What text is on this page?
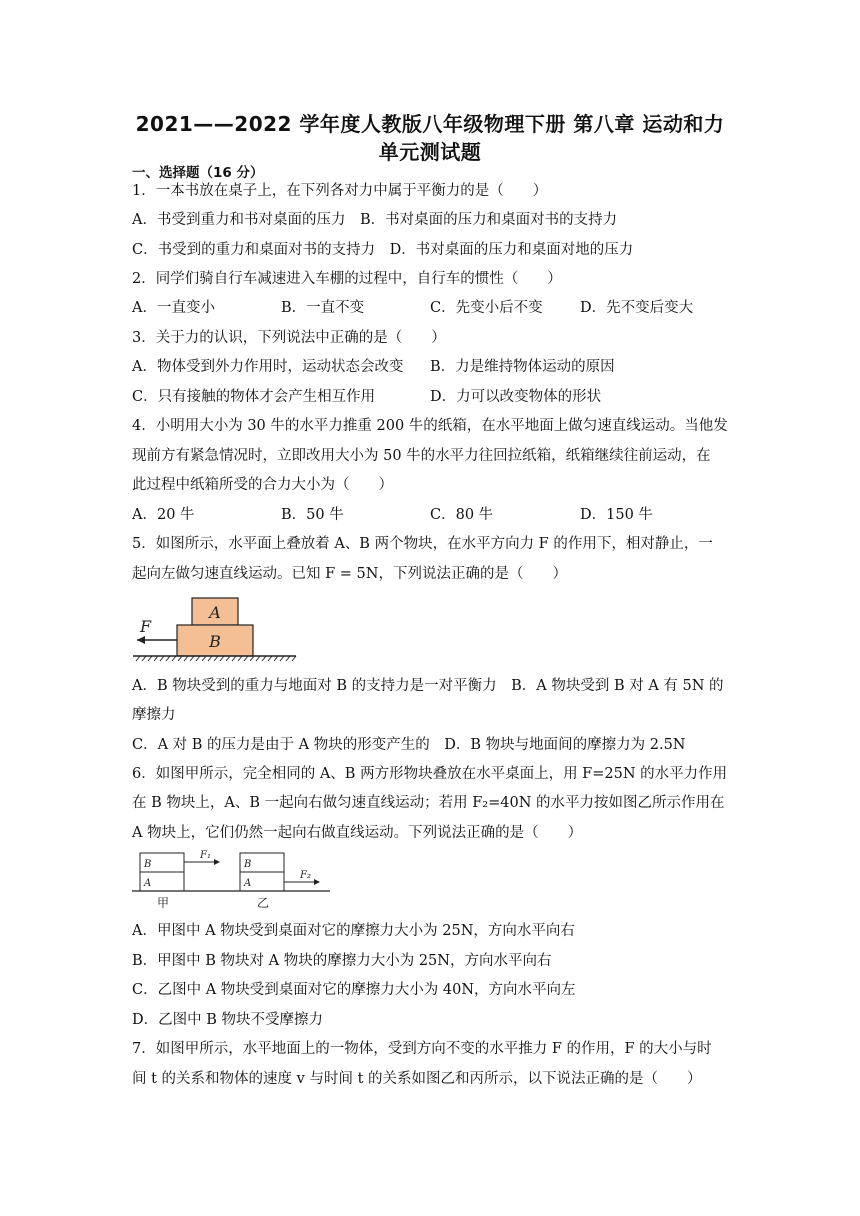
2021——2022 学年度人教版八年级物理下册 第八章 运动和力
单元测试题
一、选择题（16 分）
1．一本书放在桌子上，在下列各对力中属于平衡力的是（　　）
A．书受到重力和书对桌面的压力　B．书对桌面的压力和桌面对书的支持力
C．书受到的重力和桌面对书的支持力　D．书对桌面的压力和桌面对地的压力
2．同学们骑自行车减速进入车棚的过程中，自行车的惯性（　　）
A．一直变小	B．一直不变	C．先变小后不变	D．先不变后变大
3．关于力的认识，下列说法中正确的是（　　）
A．物体受到外力作用时，运动状态会改变 B．力是维持物体运动的原因
C．只有接触的物体才会产生相互作用	D．力可以改变物体的形状
4．小明用大小为 30 牛的水平力推重 200 牛的纸箱，在水平地面上做匀速直线运动。当他发
现前方有紧急情况时，立即改用大小为 50 牛的水平力往回拉纸箱，纸箱继续往前运动，在
此过程中纸箱所受的合力大小为（　　）
A．20 牛	B．50 牛	C．80 牛	D．150 牛
5．如图所示，水平面上叠放着 A、B 两个物块，在水平方向力 F 的作用下，相对静止，一
起向左做匀速直线运动。已知 F = 5N，下列说法正确的是（　　）
A
B
F
A．B 物块受到的重力与地面对 B 的支持力是一对平衡力　B．A 物块受到 B 对 A 有 5N 的
摩擦力
C．A 对 B 的压力是由于 A 物块的形变产生的　D．B 物块与地面间的摩擦力为 2.5N
6．如图甲所示，完全相同的 A、B 两方形物块叠放在水平桌面上，用 F=25N 的水平力作用
在 B 物块上，A、B 一起向右做匀速直线运动；若用 F₂=40N 的水平力按如图乙所示作用在
A 物块上，它们仍然一起向右做直线运动。下列说法正确的是（　　）
B
A
F₁
B
A
F₂
甲	乙
A．甲图中 A 物块受到桌面对它的摩擦力大小为 25N，方向水平向右
B．甲图中 B 物块对 A 物块的摩擦力大小为 25N，方向水平向右
C．乙图中 A 物块受到桌面对它的摩擦力大小为 40N，方向水平向左
D．乙图中 B 物块不受摩擦力
7．如图甲所示，水平地面上的一物体，受到方向不变的水平推力 F 的作用，F 的大小与时
间 t 的关系和物体的速度 v 与时间 t 的关系如图乙和丙所示，以下说法正确的是（　　）
